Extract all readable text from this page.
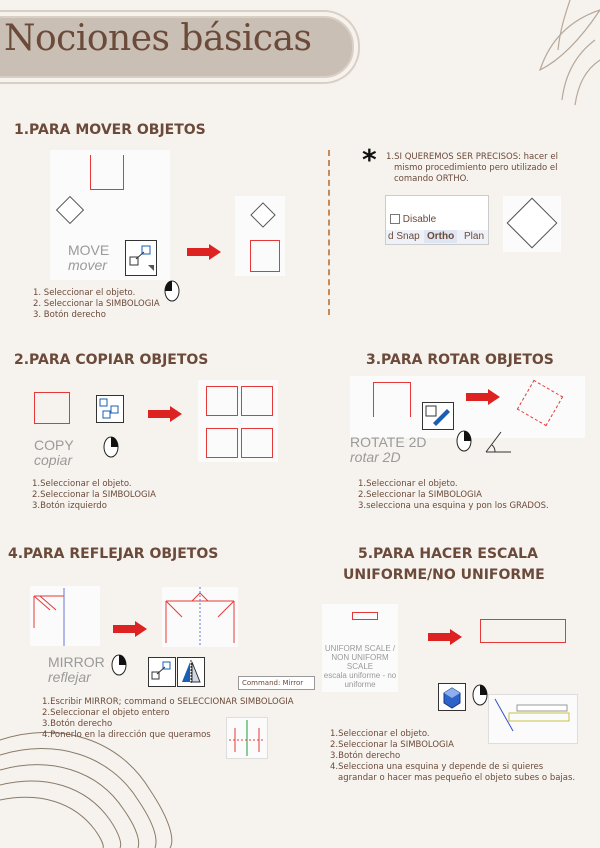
Nociones básicas
1.PARA MOVER OBJETOS
MOVE
mover
1. Seleccionar el objeto.
2. Seleccionar la SIMBOLOGIA
3. Botón derecho
* 1.SI QUEREMOS SER PRECISOS: hacer el
mismo procedimiento pero utilizado el
comando ORTHO.
Disable
d Snap Ortho Plan
2.PARA COPIAR OBJETOS
COPY
copiar
1.Seleccionar el objeto.
2.Seleccionar la SIMBOLOGIA
3.Botón izquierdo
3.PARA ROTAR OBJETOS
ROTATE 2D
rotar 2D
1.Seleccionar el objeto.
2.Seleccionar la SIMBOLOGIA
3.selecciona una esquina y pon los GRADOS.
4.PARA REFLEJAR OBJETOS
MIRROR
reflejar	Command: Mirror
1.Escribir MIRROR; command o SELECCIONAR SIMBOLOGIA
2.Seleccionar el objeto entero
3.Botón derecho
4.Ponerlo en la dirección que queramos
5.PARA HACER ESCALA
UNIFORME/NO UNIFORME
UNIFORM SCALE /
NON UNIFORM
SCALE
escala uniforme - no
uniforme
1.Seleccionar el objeto.
2.Seleccionar la SIMBOLOGIA
3.Botón derecho
4.Selecciona una esquina y depende de si quieres
agrandar o hacer mas pequeño el objeto subes o bajas.
